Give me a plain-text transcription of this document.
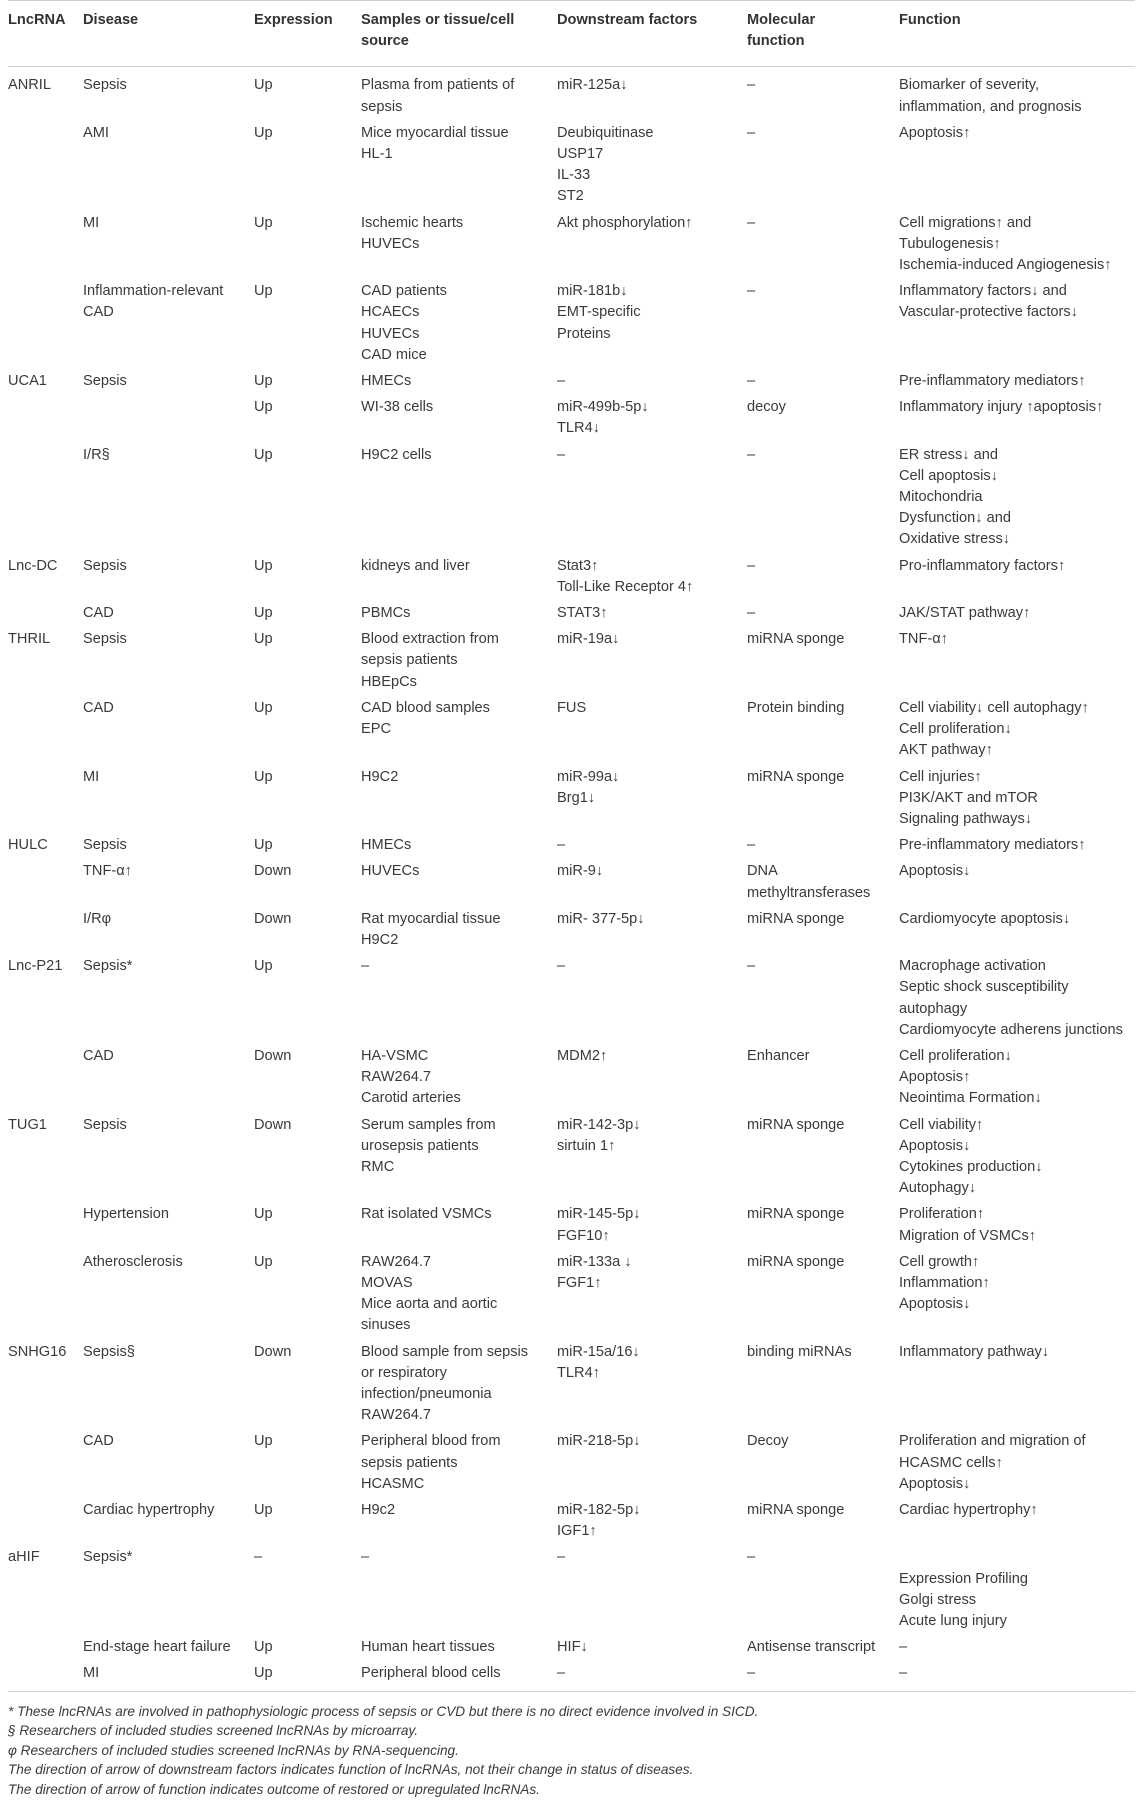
LncRNA	Disease	Expression	Samples or tissue/cell
source	Downstream factors	Molecular
function	Function

ANRIL	Sepsis	Up	Plasma from patients of
sepsis	miR-125a↓	–	Biomarker of severity,
inflammation, and prognosis

	AMI	Up	Mice myocardial tissue
HL-1	Deubiquitinase
USP17
IL-33
ST2	–	Apoptosis↑

	MI	Up	Ischemic hearts
HUVECs	Akt phosphorylation↑	–	Cell migrations↑ and
Tubulogenesis↑
Ischemia-induced Angiogenesis↑

	Inflammation-relevant
CAD	Up	CAD patients
HCAECs
HUVECs
CAD mice	miR-181b↓
EMT-specific
Proteins	–	Inflammatory factors↓ and
Vascular-protective factors↓

UCA1	Sepsis	Up	HMECs	–	–	Pre-inflammatory mediators↑

		Up	WI-38 cells	miR-499b-5p↓
TLR4↓	decoy	Inflammatory injury ↑apoptosis↑

	I/R§	Up	H9C2 cells	–	–	ER stress↓ and
Cell apoptosis↓
Mitochondria
Dysfunction↓ and
Oxidative stress↓

Lnc-DC	Sepsis	Up	kidneys and liver	Stat3↑
Toll-Like Receptor 4↑	–	Pro-inflammatory factors↑

	CAD	Up	PBMCs	STAT3↑	–	JAK/STAT pathway↑

THRIL	Sepsis	Up	Blood extraction from
sepsis patients
HBEpCs	miR-19a↓	miRNA sponge	TNF-α↑

	CAD	Up	CAD blood samples
EPC	FUS	Protein binding	Cell viability↓ cell autophagy↑
Cell proliferation↓
AKT pathway↑

	MI	Up	H9C2	miR-99a↓
Brg1↓	miRNA sponge	Cell injuries↑
PI3K/AKT and mTOR
Signaling pathways↓

HULC	Sepsis	Up	HMECs	–	–	Pre-inflammatory mediators↑

	TNF-α↑	Down	HUVECs	miR-9↓	DNA
methyltransferases	Apoptosis↓

	I/Rφ	Down	Rat myocardial tissue
H9C2	miR- 377-5p↓	miRNA sponge	Cardiomyocyte apoptosis↓

Lnc-P21	Sepsis*	Up	–	–	–	Macrophage activation
Septic shock susceptibility
autophagy
Cardiomyocyte adherens junctions

	CAD	Down	HA-VSMC
RAW264.7
Carotid arteries	MDM2↑	Enhancer	Cell proliferation↓
Apoptosis↑
Neointima Formation↓

TUG1	Sepsis	Down	Serum samples from
urosepsis patients
RMC	miR-142-3p↓
sirtuin 1↑	miRNA sponge	Cell viability↑
Apoptosis↓
Cytokines production↓
Autophagy↓

	Hypertension	Up	Rat isolated VSMCs	miR-145-5p↓
FGF10↑	miRNA sponge	Proliferation↑
Migration of VSMCs↑

	Atherosclerosis	Up	RAW264.7
MOVAS
Mice aorta and aortic
sinuses	miR-133a ↓
FGF1↑	miRNA sponge	Cell growth↑
Inflammation↑
Apoptosis↓

SNHG16	Sepsis§	Down	Blood sample from sepsis
or respiratory
infection/pneumonia
RAW264.7	miR-15a/16↓
TLR4↑	binding miRNAs	Inflammatory pathway↓

	CAD	Up	Peripheral blood from
sepsis patients
HCASMC	miR-218-5p↓	Decoy	Proliferation and migration of
HCASMC cells↑
Apoptosis↓

	Cardiac hypertrophy	Up	H9c2	miR-182-5p↓
IGF1↑	miRNA sponge	Cardiac hypertrophy↑

aHIF	Sepsis*	–	–	–	–	Expression Profiling
Golgi stress
Acute lung injury

	End-stage heart failure	Up	Human heart tissues	HIF↓	Antisense transcript	–

	MI	Up	Peripheral blood cells	–	–	–
* These lncRNAs are involved in pathophysiologic process of sepsis or CVD but there is no direct evidence involved in SICD.
§ Researchers of included studies screened lncRNAs by microarray.
φ Researchers of included studies screened lncRNAs by RNA-sequencing.
The direction of arrow of downstream factors indicates function of lncRNAs, not their change in status of diseases.
The direction of arrow of function indicates outcome of restored or upregulated lncRNAs.
